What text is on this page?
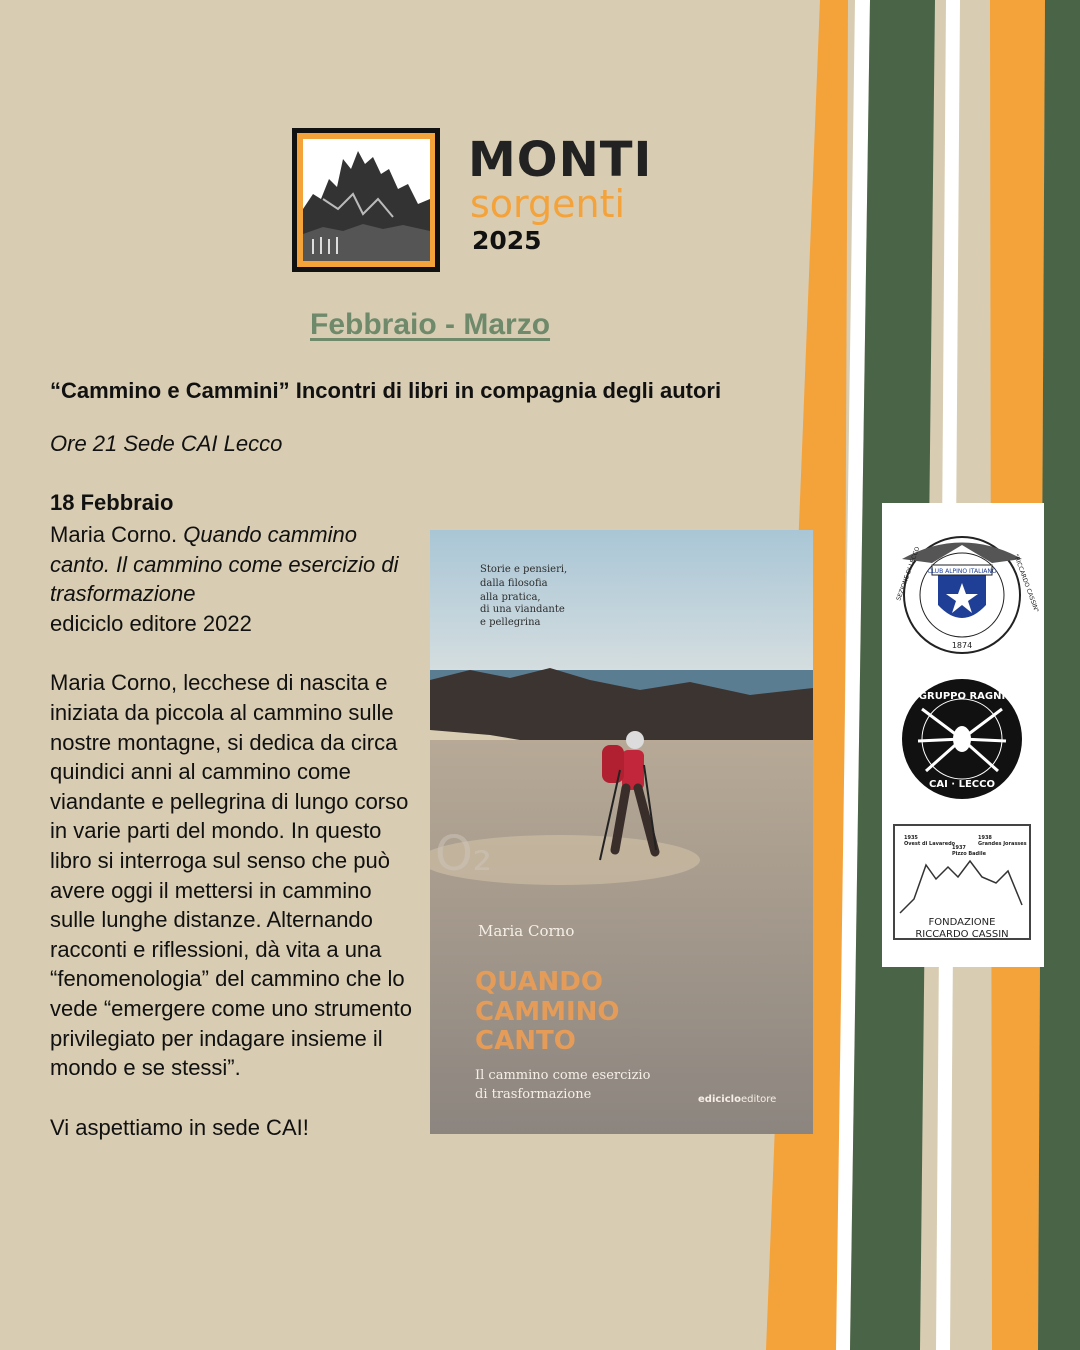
MONTI
sorgenti
2025
Febbraio - Marzo
“Cammino e Cammini” Incontri di libri in compagnia degli autori
Ore 21 Sede CAI Lecco
18 Febbraio

Maria Corno. Quando cammino canto. Il cammino come esercizio di trasformazione
ediciclo editore 2022

Maria Corno, lecchese di nascita e iniziata da piccola al cammino sulle nostre montagne, si dedica da circa quindici anni al cammino come viandante e pellegrina di lungo corso in varie parti del mondo. In questo libro si interroga sul senso che può avere oggi il mettersi in cammino sulle lunghe distanze. Alternando racconti e riflessioni, dà vita a una “fenomenologia” del cammino che lo vede “emergere come uno strumento privilegiato per indagare insieme il mondo e se stessi”.

Vi aspettiamo in sede CAI!

O₂
Storie e pensieri, dalla filosofia alla pratica, di una viandante e pellegrina
Maria Corno
QUANDO CAMMINO CANTO
Il cammino come esercizio di trasformazione	edicicloeditore
CLUB ALPINO ITALIANO
SEZIONE DI LECCO	"RICCARDO CASSIN"
1874
GRUPPO RAGNI
CAI · LECCO
1935
Ovest di Lavaredo
1937
Pizzo Badile
1938
Grandes Jorasses
FONDAZIONE
RICCARDO CASSIN
